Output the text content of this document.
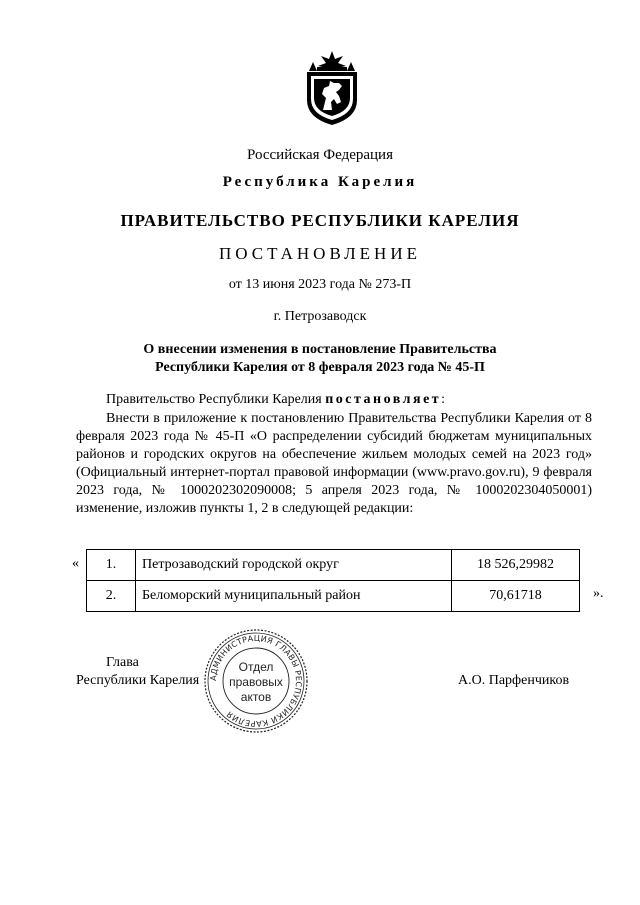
Российская Федерация
Республика Карелия
ПРАВИТЕЛЬСТВО РЕСПУБЛИКИ КАРЕЛИЯ
ПОСТАНОВЛЕНИЕ
от 13 июня 2023 года № 273-П
г. Петрозаводск
О внесении изменения в постановление Правительства
Республики Карелия от 8 февраля 2023 года № 45-П
Правительство Республики Карелия постановляет:
Внести в приложение к постановлению Правительства Республики Карелия от 8 февраля 2023 года № 45-П «О распределении субсидий бюджетам муниципальных районов и городских округов на обеспечение жильем молодых семей на 2023 год» (Официальный интернет-портал правовой информации (www.pravo.gov.ru), 9 февраля 2023 года, № 1000202302090008; 5 апреля 2023 года, № 1000202304050001) изменение, изложив пункты 1, 2 в следующей редакции:
« 1.	Петрозаводский городской округ	18 526,29982
2.	Беломорский муниципальный район	70,61718	».
Глава
Республики Карелия	А.О. Парфенчиков
АДМИНИСТРАЦИЯ ГЛАВЫ РЕСПУБЛИКИ КАРЕЛИЯ
Отдел
правовых
актов
